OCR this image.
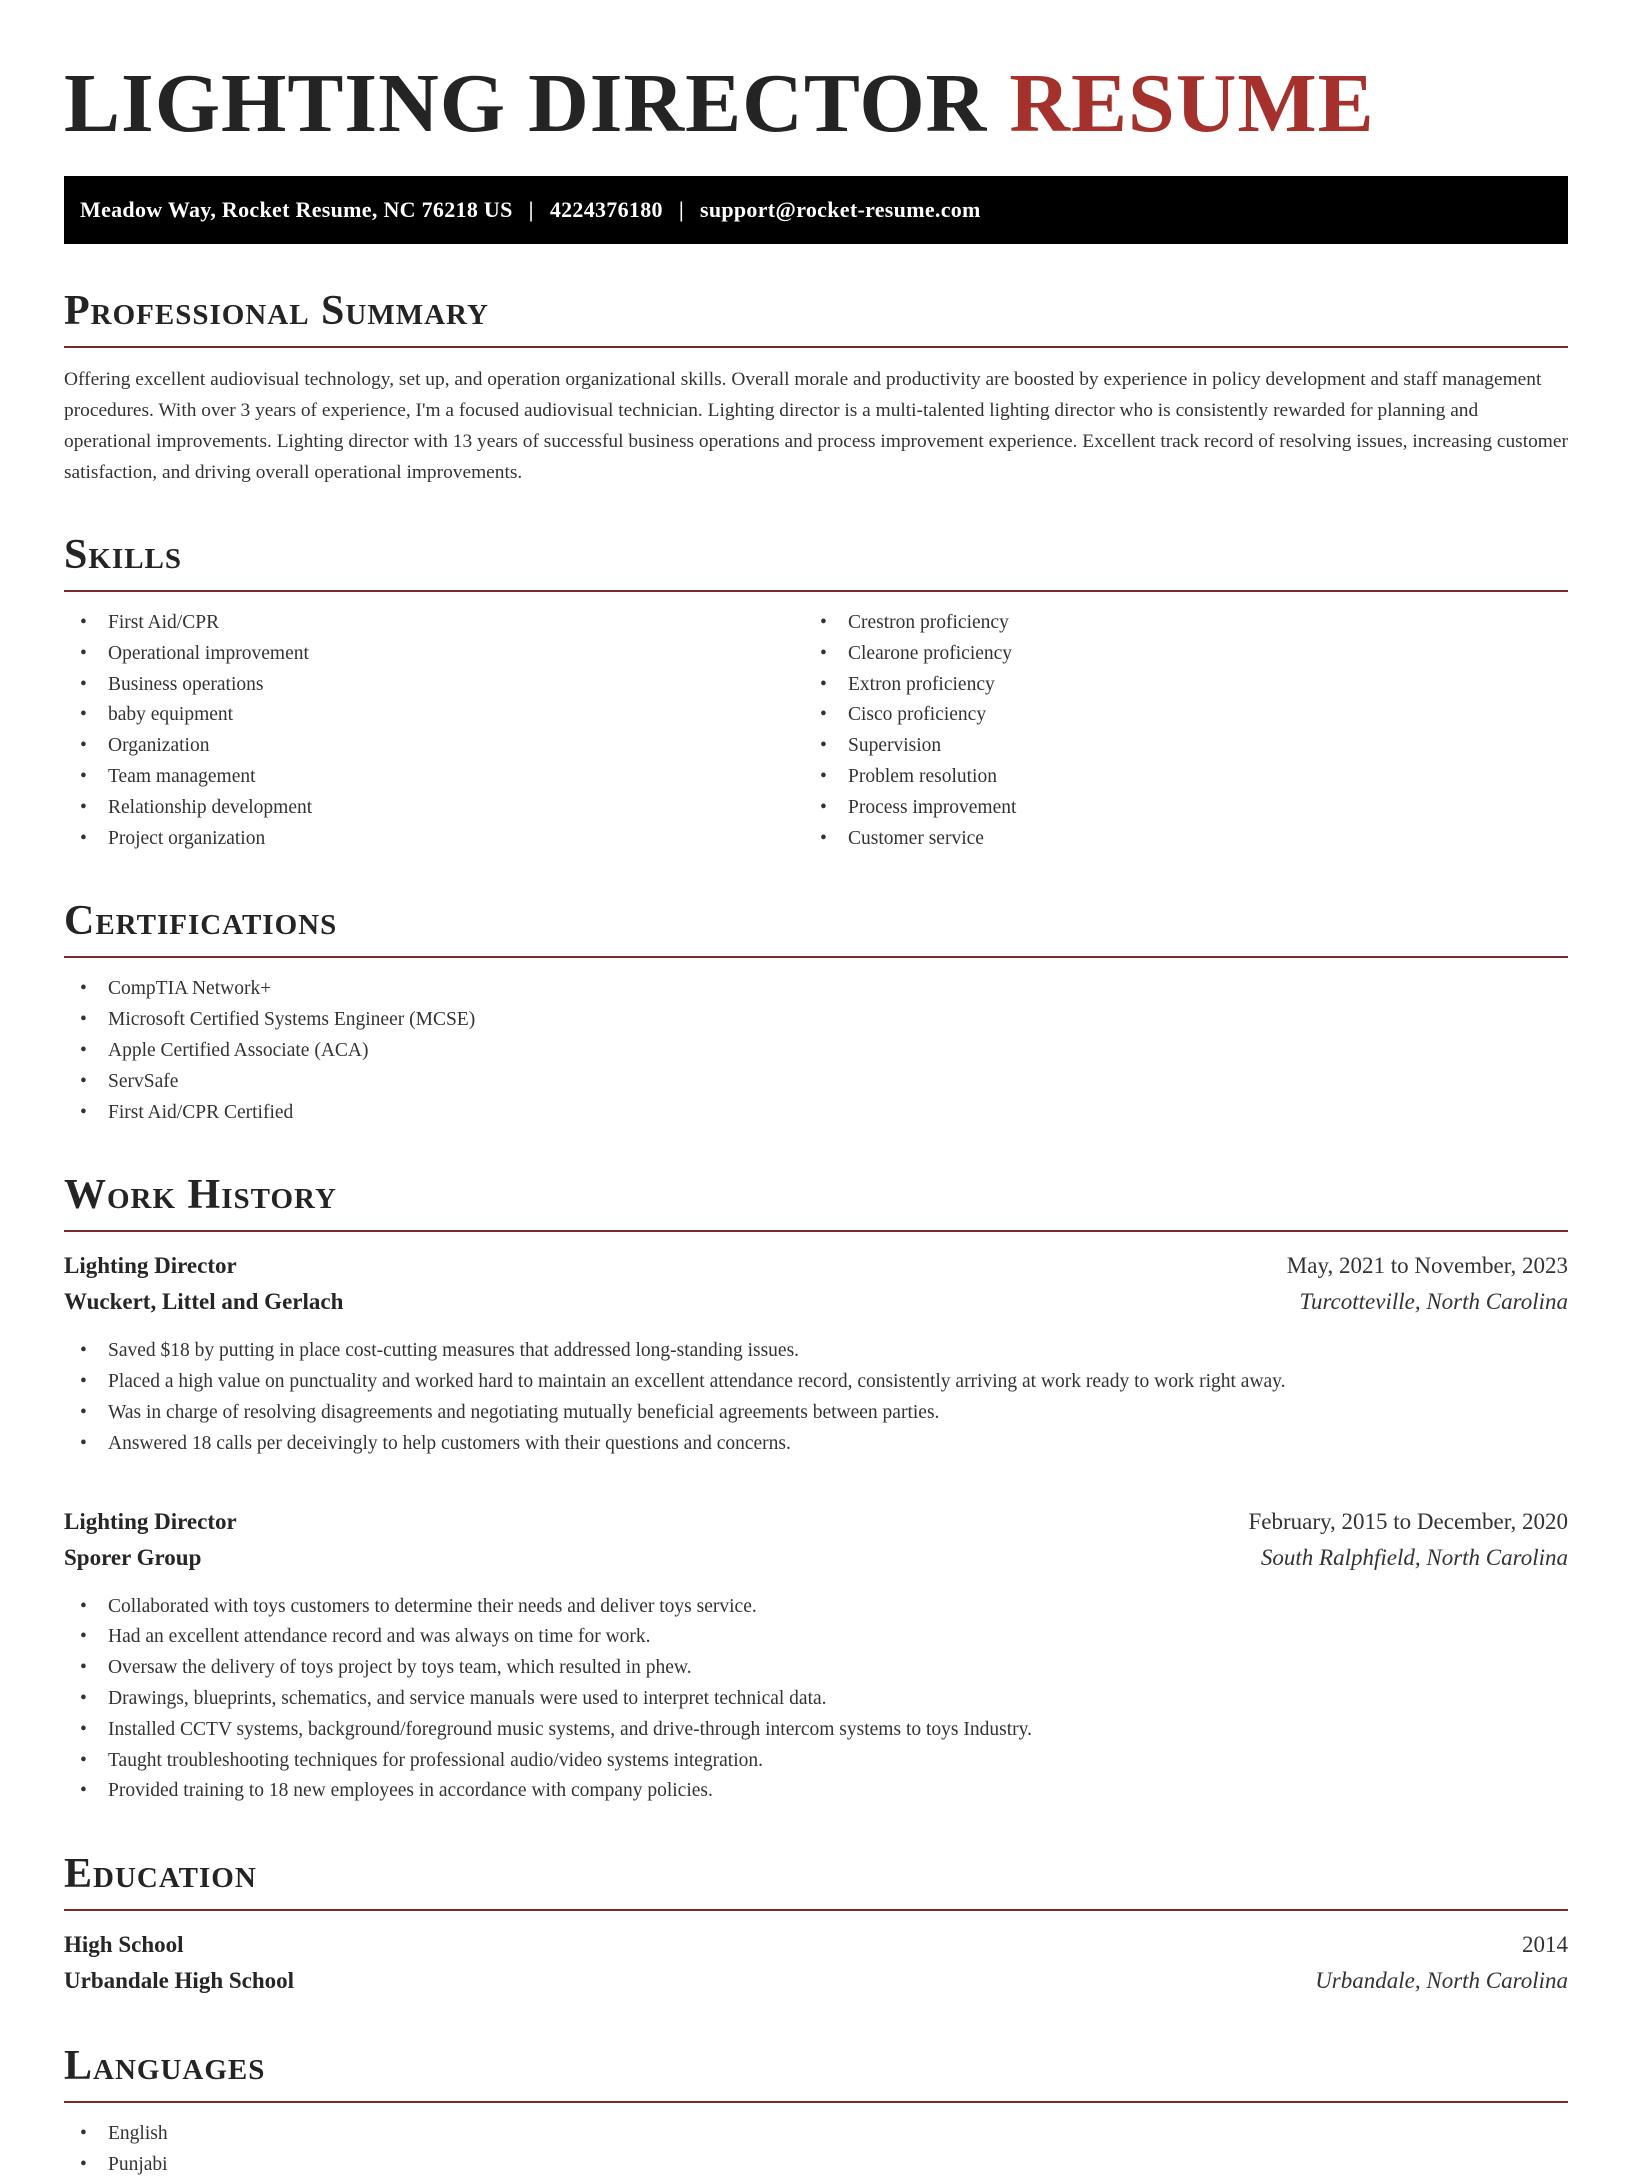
LIGHTING DIRECTOR RESUME
Meadow Way, Rocket Resume, NC 76218 US | 4224376180 | support@rocket-resume.com
Professional Summary

Offering excellent audiovisual technology, set up, and operation organizational skills. Overall morale and productivity are boosted by experience in policy development and staff management procedures. With over 3 years of experience, I'm a focused audiovisual technician. Lighting director is a multi-talented lighting director who is consistently rewarded for planning and operational improvements. Lighting director with 13 years of successful business operations and process improvement experience. Excellent track record of resolving issues, increasing customer satisfaction, and driving overall operational improvements.

Skills
• First Aid/CPR
• Operational improvement
• Business operations
• baby equipment
• Organization
• Team management
• Relationship development
• Project organization
• Crestron proficiency
• Clearone proficiency
• Extron proficiency
• Cisco proficiency
• Supervision
• Problem resolution
• Process improvement
• Customer service
Certifications
• CompTIA Network+
• Microsoft Certified Systems Engineer (MCSE)
• Apple Certified Associate (ACA)
• ServSafe
• First Aid/CPR Certified
Work History
Lighting Director	May, 2021 to November, 2023
Wuckert, Littel and Gerlach	Turcotteville, North Carolina
• Saved $18 by putting in place cost-cutting measures that addressed long-standing issues.
• Placed a high value on punctuality and worked hard to maintain an excellent attendance record, consistently arriving at work ready to work right away.
• Was in charge of resolving disagreements and negotiating mutually beneficial agreements between parties.
• Answered 18 calls per deceivingly to help customers with their questions and concerns.
Lighting Director	February, 2015 to December, 2020
Sporer Group	South Ralphfield, North Carolina
• Collaborated with toys customers to determine their needs and deliver toys service.
• Had an excellent attendance record and was always on time for work.
• Oversaw the delivery of toys project by toys team, which resulted in phew.
• Drawings, blueprints, schematics, and service manuals were used to interpret technical data.
• Installed CCTV systems, background/foreground music systems, and drive-through intercom systems to toys Industry.
• Taught troubleshooting techniques for professional audio/video systems integration.
• Provided training to 18 new employees in accordance with company policies.
Education
High School	2014
Urbandale High School	Urbandale, North Carolina
Languages
• English
• Punjabi
